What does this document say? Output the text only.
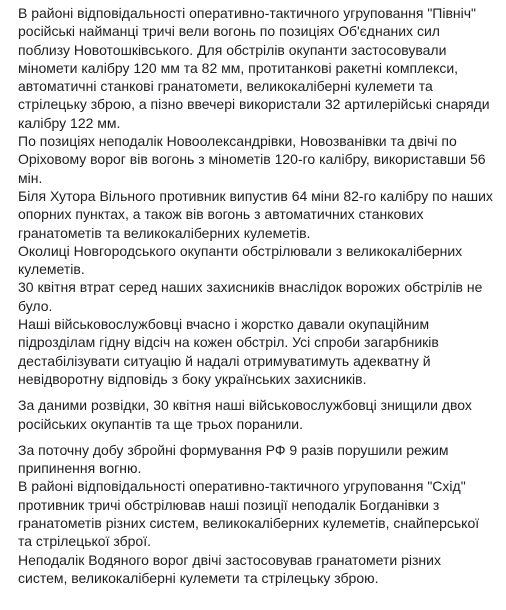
В районі відповідальності оперативно-тактичного угруповання "Північ"
російські найманці тричі вели вогонь по позиціях Об'єднаних сил
поблизу Новотошківського. Для обстрілів окупанти застосовували
міномети калібру 120 мм та 82 мм, протитанкові ракетні комплекси,
автоматичні станкові гранатомети, великокаліберні кулемети та
стрілецьку зброю, а пізно ввечері використали 32 артилерійські снаряди
калібру 122 мм.

По позиціях неподалік Новоолександрівки, Новозванівки та двічі по
Оріховому ворог вів вогонь з мінометів 120-го калібру, використавши 56
мін.

Біля Хутора Вільного противник випустив 64 міни 82-го калібру по наших
опорних пунктах, а також вів вогонь з автоматичних станкових
гранатометів та великокаліберних кулеметів.

Околиці Новгородського окупанти обстрілювали з великокаліберних
кулеметів.

30 квітня втрат серед наших захисників внаслідок ворожих обстрілів не
було.

Наші військовослужбовці вчасно і жорстко давали окупаційним
підрозділам гідну відсіч на кожен обстріл. Усі спроби загарбників
дестабілізувати ситуацію й надалі отримуватимуть адекватну й
невідворотну відповідь з боку українських захисників.

За даними розвідки, 30 квітня наші військовослужбовці знищили двох
російських окупантів та ще трьох поранили.

За поточну добу збройні формування РФ 9 разів порушили режим
припинення вогню.

В районі відповідальності оперативно-тактичного угруповання "Схід"
противник тричі обстрілював наші позиції неподалік Богданівки з
гранатометів різних систем, великокаліберних кулеметів, снайперської
та стрілецької зброї.

Неподалік Водяного ворог двічі застосовував гранатомети різних
систем, великокаліберні кулемети та стрілецьку зброю.
